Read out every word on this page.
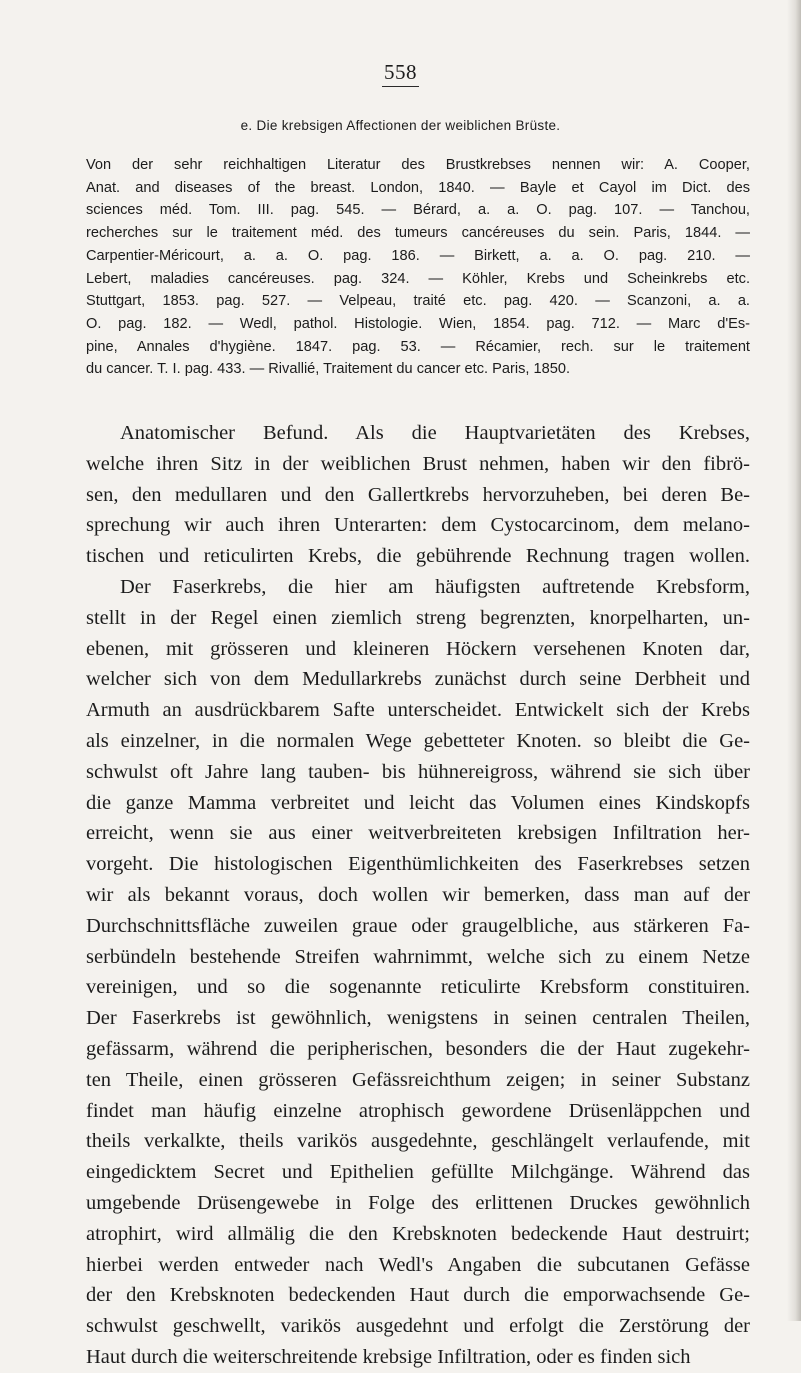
558
e. Die krebsigen Affectionen der weiblichen Brüste.
Von der sehr reichhaltigen Literatur des Brustkrebses nennen wir: A. Cooper,
Anat. and diseases of the breast. London, 1840. — Bayle et Cayol im Dict. des
sciences méd. Tom. III. pag. 545. — Bérard, a. a. O. pag. 107. — Tanchou,
recherches sur le traitement méd. des tumeurs cancéreuses du sein. Paris, 1844. —
Carpentier-Méricourt, a. a. O. pag. 186. — Birkett, a. a. O. pag. 210. —
Lebert, maladies cancéreuses. pag. 324. — Köhler, Krebs und Scheinkrebs etc.
Stuttgart, 1853. pag. 527. — Velpeau, traité etc. pag. 420. — Scanzoni, a. a.
O. pag. 182. — Wedl, pathol. Histologie. Wien, 1854. pag. 712. — Marc d'Es-
pine, Annales d'hygiène. 1847. pag. 53. — Récamier, rech. sur le traitement
du cancer. T. I. pag. 433. — Rivallié, Traitement du cancer etc. Paris, 1850.
Anatomischer Befund. Als die Hauptvarietäten des Krebses,
welche ihren Sitz in der weiblichen Brust nehmen, haben wir den fibrö-
sen, den medullaren und den Gallertkrebs hervorzuheben, bei deren Be-
sprechung wir auch ihren Unterarten: dem Cystocarcinom, dem melano-
tischen und reticulirten Krebs, die gebührende Rechnung tragen wollen.
Der Faserkrebs, die hier am häufigsten auftretende Krebsform,
stellt in der Regel einen ziemlich streng begrenzten, knorpelharten, un-
ebenen, mit grösseren und kleineren Höckern versehenen Knoten dar,
welcher sich von dem Medullarkrebs zunächst durch seine Derbheit und
Armuth an ausdrückbarem Safte unterscheidet. Entwickelt sich der Krebs
als einzelner, in die normalen Wege gebetteter Knoten. so bleibt die Ge-
schwulst oft Jahre lang tauben- bis hühnereigross, während sie sich über
die ganze Mamma verbreitet und leicht das Volumen eines Kindskopfs
erreicht, wenn sie aus einer weitverbreiteten krebsigen Infiltration her-
vorgeht. Die histologischen Eigenthümlichkeiten des Faserkrebses setzen
wir als bekannt voraus, doch wollen wir bemerken, dass man auf der
Durchschnittsfläche zuweilen graue oder graugelbliche, aus stärkeren Fa-
serbündeln bestehende Streifen wahrnimmt, welche sich zu einem Netze
vereinigen, und so die sogenannte reticulirte Krebsform constituiren.
Der Faserkrebs ist gewöhnlich, wenigstens in seinen centralen Theilen,
gefässarm, während die peripherischen, besonders die der Haut zugekehr-
ten Theile, einen grösseren Gefässreichthum zeigen; in seiner Substanz
findet man häufig einzelne atrophisch gewordene Drüsenläppchen und
theils verkalkte, theils varikös ausgedehnte, geschlängelt verlaufende, mit
eingedicktem Secret und Epithelien gefüllte Milchgänge. Während das
umgebende Drüsengewebe in Folge des erlittenen Druckes gewöhnlich
atrophirt, wird allmälig die den Krebsknoten bedeckende Haut destruirt;
hierbei werden entweder nach Wedl's Angaben die subcutanen Gefässe
der den Krebsknoten bedeckenden Haut durch die emporwachsende Ge-
schwulst geschwellt, varikös ausgedehnt und erfolgt die Zerstörung der
Haut durch die weiterschreitende krebsige Infiltration, oder es finden sich
